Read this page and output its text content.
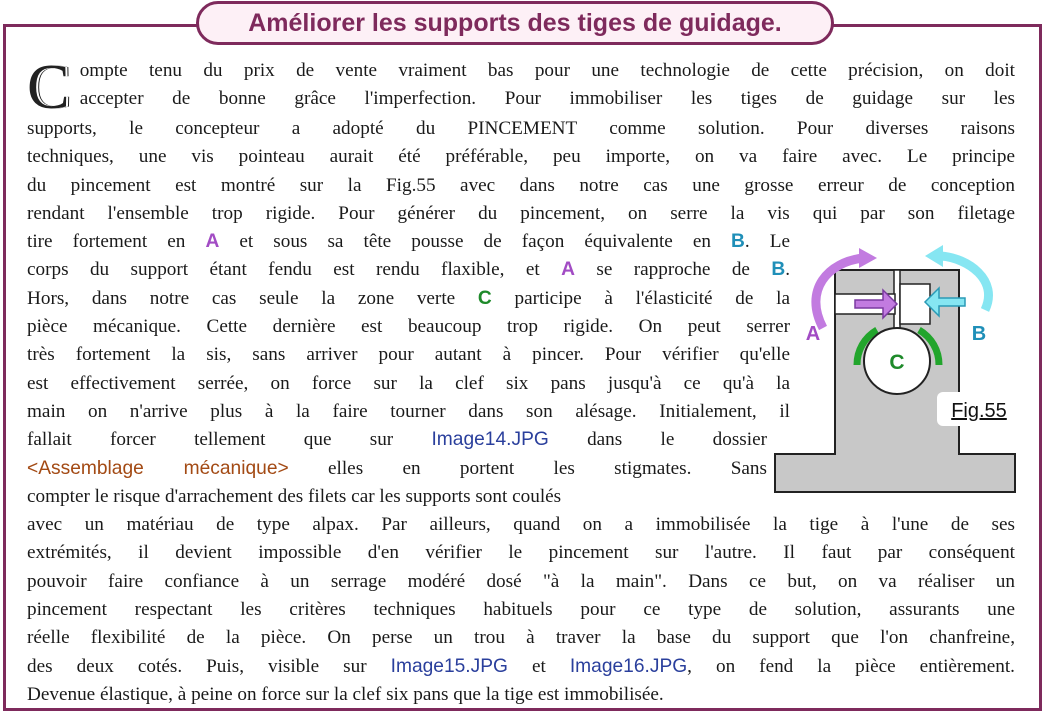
Améliorer les supports des tiges de guidage.
C ompte tenu du prix de vente vraiment bas pour une technologie de cette précision, on doit
accepter de bonne grâce l'imperfection. Pour immobiliser les tiges de guidage sur les
supports, le concepteur a adopté du PINCEMENT comme solution. Pour diverses raisons
techniques, une vis pointeau aurait été préférable, peu importe, on va faire avec. Le principe
du pincement est montré sur la Fig.55 avec dans notre cas une grosse erreur de conception
rendant l'ensemble trop rigide. Pour générer du pincement, on serre la vis qui par son filetage
tire fortement en A et sous sa tête pousse de façon équivalente en B. Le
corps du support étant fendu est rendu flaxible, et A se rapproche de B.
Hors, dans notre cas seule la zone verte C participe à l'élasticité de la
pièce mécanique. Cette dernière est beaucoup trop rigide. On peut serrer
très fortement la sis, sans arriver pour autant à pincer. Pour vérifier qu'elle
est effectivement serrée, on force sur la clef six pans jusqu'à ce qu'à la
main on n'arrive plus à la faire tourner dans son alésage. Initialement, il
fallait forcer tellement que sur Image14.JPG dans le dossier
<Assemblage mécanique> elles en portent les stigmates. Sans
compter le risque d'arrachement des filets car les supports sont coulés
avec un matériau de type alpax. Par ailleurs, quand on a immobilisée la tige à l'une de ses
extrémités, il devient impossible d'en vérifier le pincement sur l'autre. Il faut par conséquent
pouvoir faire confiance à un serrage modéré dosé "à la main". Dans ce but, on va réaliser un
pincement respectant les critères techniques habituels pour ce type de solution, assurants une
réelle flexibilité de la pièce. On perse un trou à traver la base du support que l'on chanfreine,
des deux cotés. Puis, visible sur Image15.JPG et Image16.JPG, on fend la pièce entièrement.
Devenue élastique, à peine on force sur la clef six pans que la tige est immobilisée.
C
A	B
Fig.55
